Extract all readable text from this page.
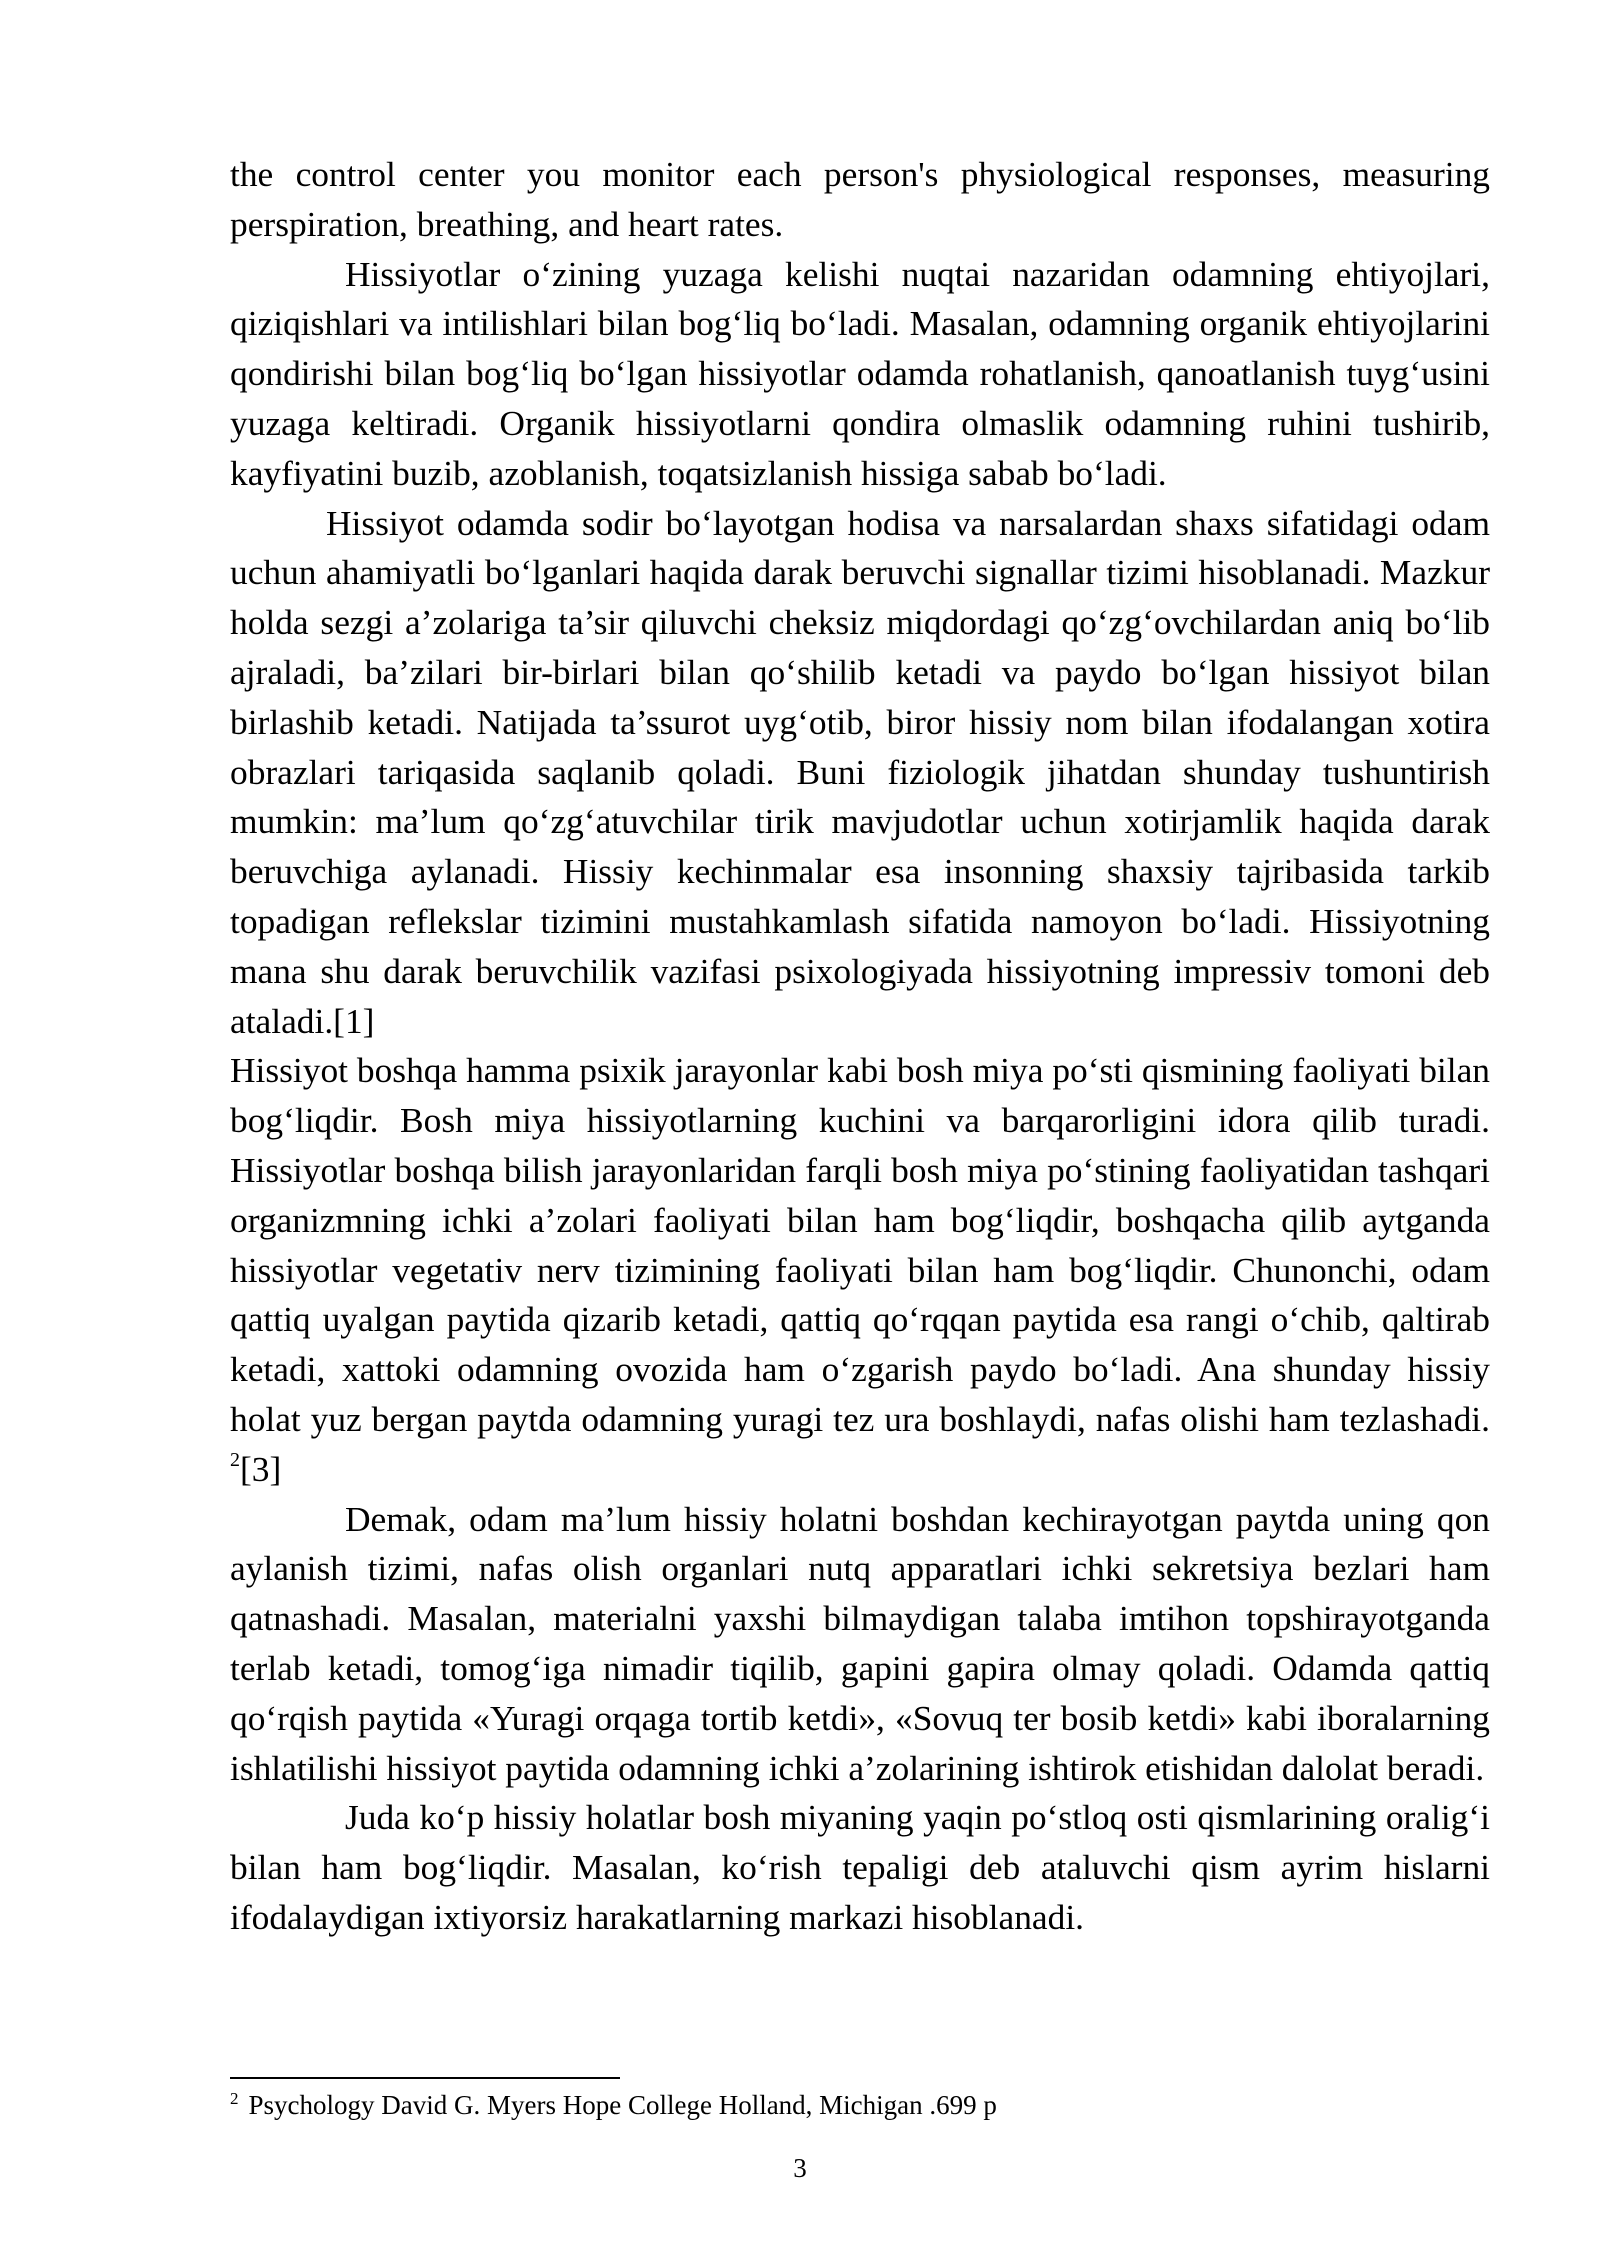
the control center you monitor each person's physiological responses, measuring perspiration, breathing, and heart rates.

Hissiyotlar o‘zining yuzaga kelishi nuqtai nazaridan odamning ehtiyojlari, qiziqishlari va intilishlari bilan bog‘liq bo‘ladi. Masalan, odamning organik ehtiyojlarini qondirishi bilan bog‘liq bo‘lgan hissiyotlar odamda rohatlanish, qanoatlanish tuyg‘usini yuzaga keltiradi. Organik hissiyotlarni qondira olmaslik odamning ruhini tushirib, kayfiyatini buzib, azoblanish, toqatsizlanish hissiga sabab bo‘ladi.

Hissiyot odamda sodir bo‘layotgan hodisa va narsalardan shaxs sifatidagi odam uchun ahamiyatli bo‘lganlari haqida darak beruvchi signallar tizimi hisoblanadi. Mazkur holda sezgi a’zolariga ta’sir qiluvchi cheksiz miqdordagi qo‘zg‘ovchilardan aniq bo‘lib ajraladi, ba’zilari bir-birlari bilan qo‘shilib ketadi va paydo bo‘lgan hissiyot bilan birlashib ketadi. Natijada ta’ssurot uyg‘otib, biror hissiy nom bilan ifodalangan xotira obrazlari tariqasida saqlanib qoladi. Buni fiziologik jihatdan shunday tushuntirish mumkin: ma’lum qo‘zg‘atuvchilar tirik mavjudotlar uchun xotirjamlik haqida darak beruvchiga aylanadi. Hissiy kechinmalar esa insonning shaxsiy tajribasida tarkib topadigan reflekslar tizimini mustahkamlash sifatida namoyon bo‘ladi. Hissiyotning mana shu darak beruvchilik vazifasi psixologiyada hissiyotning impressiv tomoni deb ataladi.[1]

Hissiyot boshqa hamma psixik jarayonlar kabi bosh miya po‘sti qismining faoliyati bilan bog‘liqdir. Bosh miya hissiyotlarning kuchini va barqarorligini idora qilib turadi. Hissiyotlar boshqa bilish jarayonlaridan farqli bosh miya po‘stining faoliyatidan tashqari organizmning ichki a’zolari faoliyati bilan ham bog‘liqdir, boshqacha qilib aytganda hissiyotlar vegetativ nerv tizimining faoliyati bilan ham bog‘liqdir. Chunonchi, odam qattiq uyalgan paytida qizarib ketadi, qattiq qo‘rqqan paytida esa rangi o‘chib, qaltirab ketadi, xattoki odamning ovozida ham o‘zgarish paydo bo‘ladi. Ana shunday hissiy holat yuz bergan paytda odamning yuragi tez ura boshlaydi, nafas olishi ham tezlashadi. $^2$[3]

Demak, odam ma’lum hissiy holatni boshdan kechirayotgan paytda uning qon aylanish tizimi, nafas olish organlari nutq apparatlari ichki sekretsiya bezlari ham qatnashadi. Masalan, materialni yaxshi bilmaydigan talaba imtihon topshirayotganda terlab ketadi, tomog‘iga nimadir tiqilib, gapini gapira olmay qoladi. Odamda qattiq qo‘rqish paytida «Yuragi orqaga tortib ketdi», «Sovuq ter bosib ketdi» kabi iboralarning ishlatilishi hissiyot paytida odamning ichki a’zolarining ishtirok etishidan dalolat beradi.

Juda ko‘p hissiy holatlar bosh miyaning yaqin po‘stloq osti qismlarining oralig‘i bilan ham bog‘liqdir. Masalan, ko‘rish tepaligi deb ataluvchi qism ayrim hislarni ifodalaydigan ixtiyorsiz harakatlarning markazi hisoblanadi.

$^2$ Psychology David G. Myers Hope College Holland, Michigan .699 p
3
